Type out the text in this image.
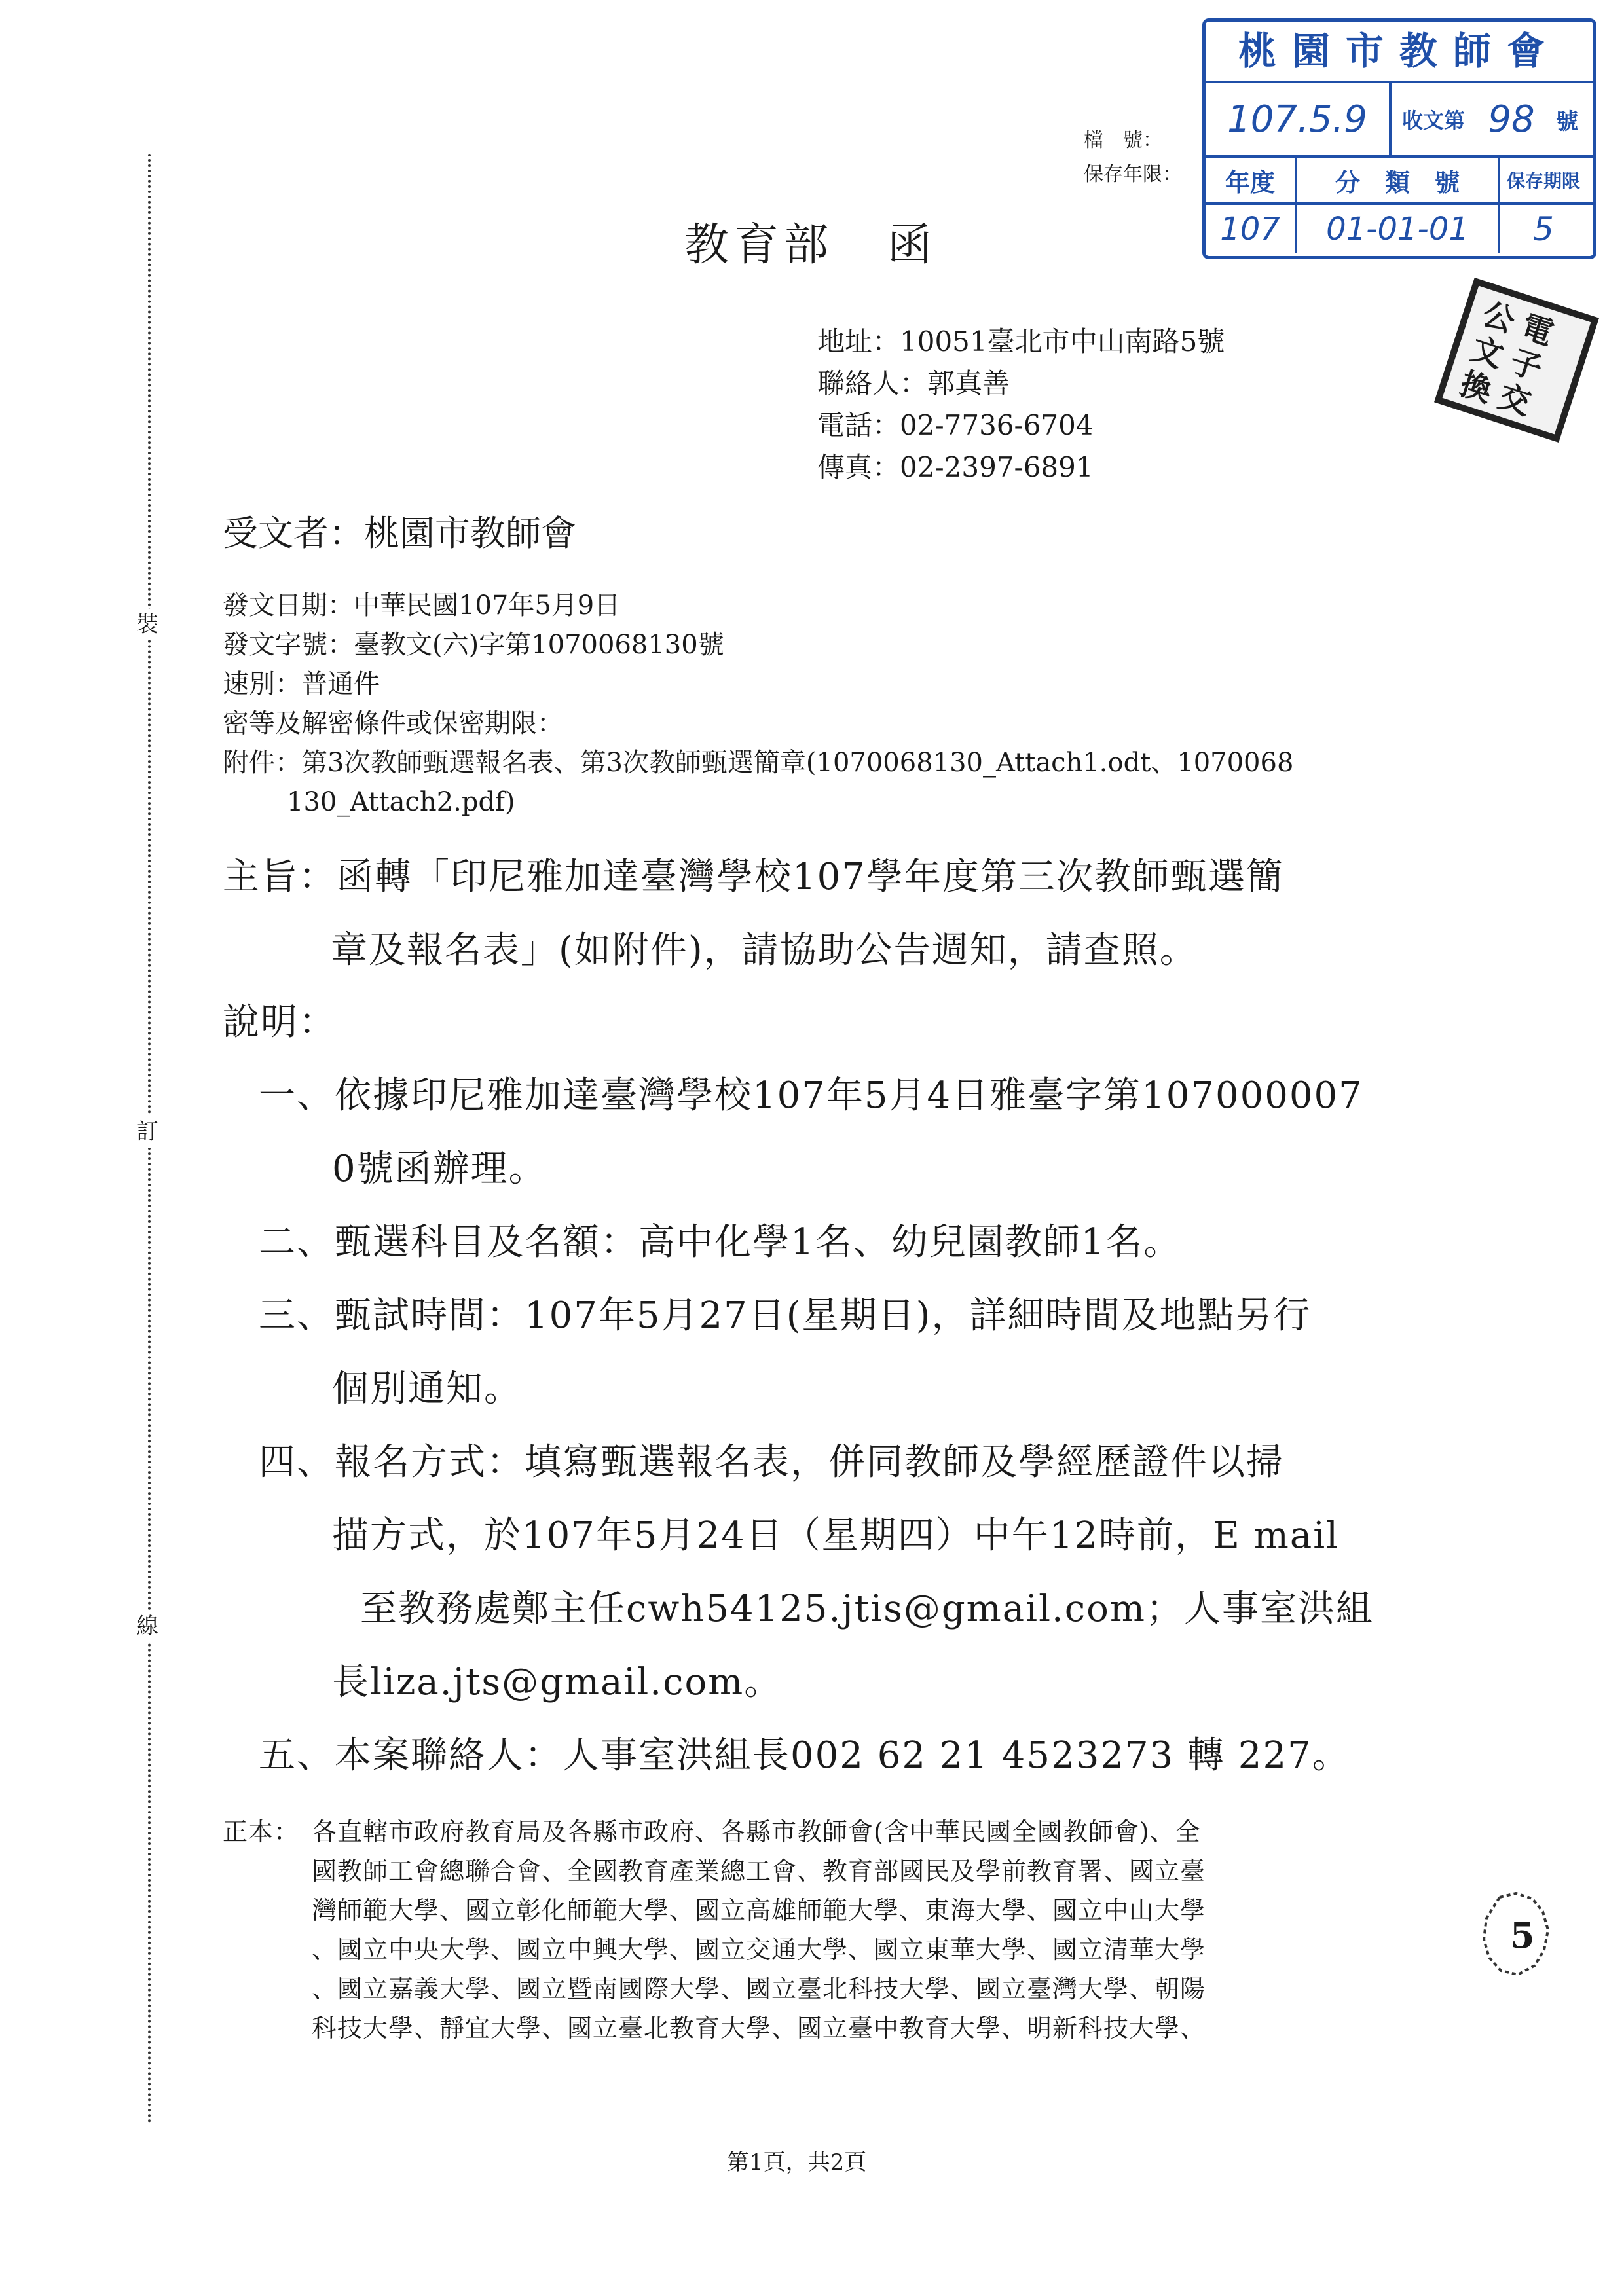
裝
訂
線
檔　號：
保存年限：
桃園市教師會
107.5.9 收文第 98 號
年度 分　類　號	保存期限
107 01-01-01 5
教育部 函
地址：10051臺北市中山南路5號
聯絡人：郭真善
電話：02-7736-6704
傳真：02-2397-6891
電
子
交
公
文
換
受文者：桃園市教師會
發文日期：中華民國107年5月9日
發文字號：臺教文(六)字第1070068130號
速別：普通件
密等及解密條件或保密期限：
附件：第3次教師甄選報名表、第3次教師甄選簡章(1070068130_Attach1.odt、1070068
130_Attach2.pdf)
主旨：函轉「印尼雅加達臺灣學校107學年度第三次教師甄選簡
章及報名表」(如附件)，請協助公告週知，請查照。
說明：
一、依據印尼雅加達臺灣學校107年5月4日雅臺字第107000007
0號函辦理。
二、甄選科目及名額：高中化學1名、幼兒園教師1名。
三、甄試時間：107年5月27日(星期日)，詳細時間及地點另行
個別通知。
四、報名方式：填寫甄選報名表，併同教師及學經歷證件以掃
描方式，於107年5月24日（星期四）中午12時前，E mail
至教務處鄭主任cwh54125.jtis@gmail.com；人事室洪組
長liza.jts@gmail.com。
五、本案聯絡人：人事室洪組長002 62 21 4523273 轉 227。
正本： 各直轄市政府教育局及各縣市政府、各縣市教師會(含中華民國全國教師會)、全
國教師工會總聯合會、全國教育產業總工會、教育部國民及學前教育署、國立臺
灣師範大學、國立彰化師範大學、國立高雄師範大學、東海大學、國立中山大學
、國立中央大學、國立中興大學、國立交通大學、國立東華大學、國立清華大學
、國立嘉義大學、國立暨南國際大學、國立臺北科技大學、國立臺灣大學、朝陽
科技大學、靜宜大學、國立臺北教育大學、國立臺中教育大學、明新科技大學、
5
第1頁，共2頁
